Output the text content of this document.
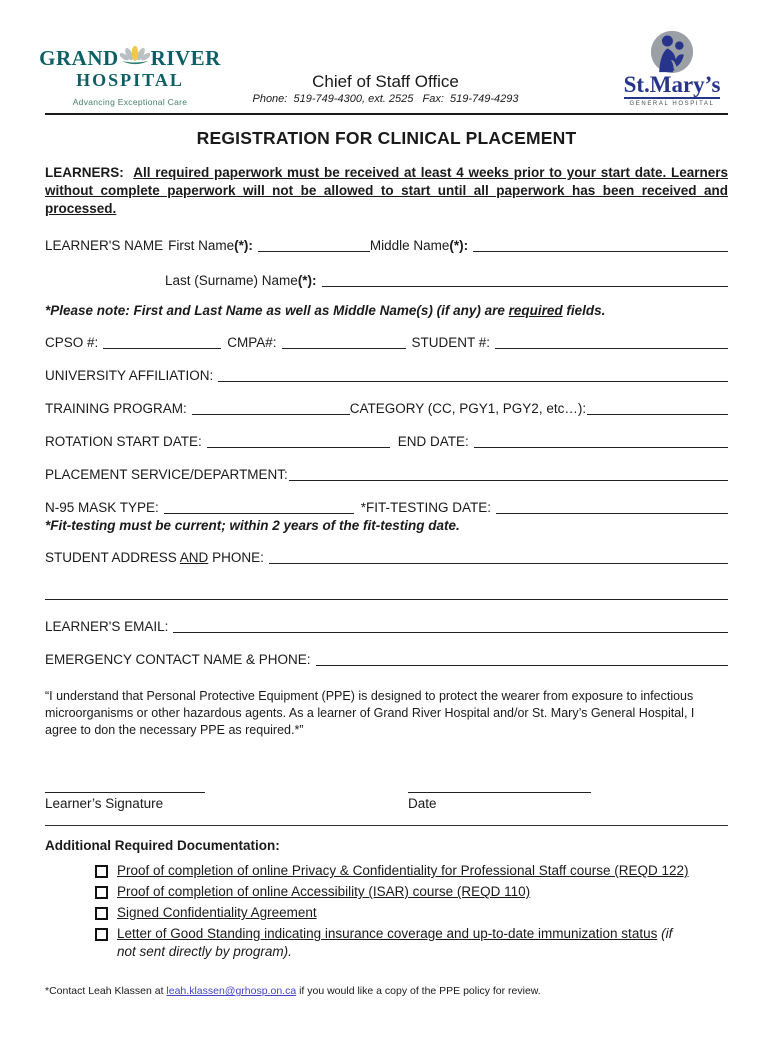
GRAND RIVER
HOSPITAL
Advancing Exceptional Care
Chief of Staff Office
Phone:  519-749-4300, ext. 2525   Fax:  519-749-4293
St.Mary’s
GENERAL HOSPITAL
REGISTRATION FOR CLINICAL PLACEMENT

LEARNERS: All required paperwork must be received at least 4 weeks prior to your start date. Learners without complete paperwork will not be allowed to start until all paperwork has been received and processed.

LEARNER'S NAME First Name (*):	Middle Name (*):
Last (Surname) Name (*):

*Please note: First and Last Name as well as Middle Name(s) (if any) are required fields.

CPSO #:	CMPA#:	STUDENT #:
UNIVERSITY AFFILIATION:
TRAINING PROGRAM:	CATEGORY (CC, PGY1, PGY2, etc…):
ROTATION START DATE:	END DATE:
PLACEMENT SERVICE/DEPARTMENT:
N-95 MASK TYPE:	*FIT-TESTING DATE:

*Fit-testing must be current; within 2 years of the fit-testing date.

STUDENT ADDRESS AND PHONE:
LEARNER'S EMAIL:
EMERGENCY CONTACT NAME & PHONE:

“I understand that Personal Protective Equipment (PPE) is designed to protect the wearer from exposure to infectious microorganisms or other hazardous agents. As a learner of Grand River Hospital and/or St. Mary’s General Hospital, I agree to don the necessary PPE as required.*”

Learner’s Signature	Date
Additional Required Documentation:
Proof of completion of online Privacy & Confidentiality for Professional Staff course (REQD 122)
Proof of completion of online Accessibility (ISAR) course (REQD 110)
Signed Confidentiality Agreement
Letter of Good Standing indicating insurance coverage and up-to-date immunization status (if not sent directly by program).

*Contact Leah Klassen at leah.klassen@grhosp.on.ca if you would like a copy of the PPE policy for review.
